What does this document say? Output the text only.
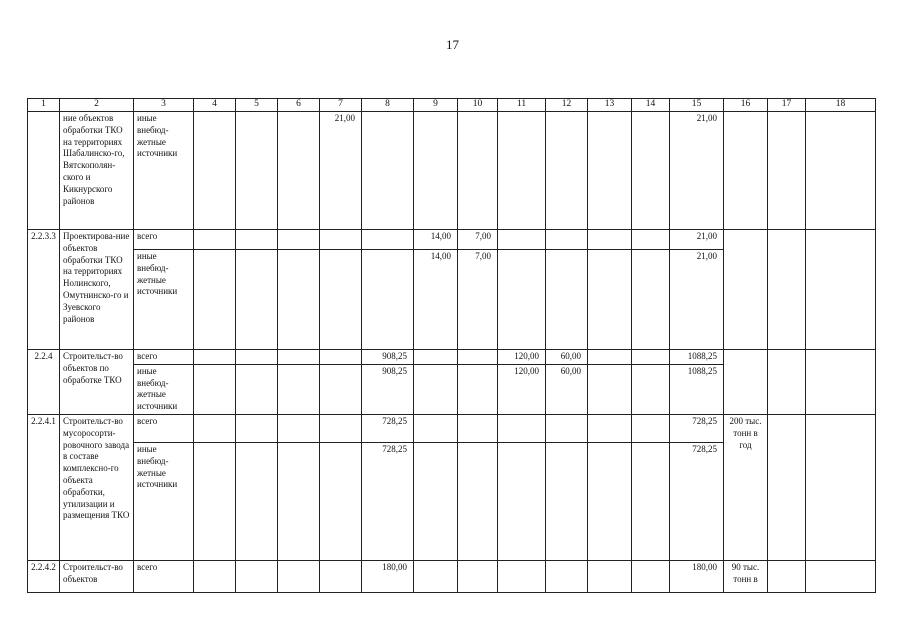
17
1	2	3	4	5	6	7	8	9	10	11	12	13	14	15	16	17	18
	ние объектов обработки ТКО на территориях Шабалинско-го, Вятскополян-ского и Кикнурского районов	иные внебюд-жетные источники				21,00								21,00			
2.2.3.3	Проектирова-ние объектов обработки ТКО на территориях Нолинского, Омутнинско-го и Зуевского районов	всего						14,00	7,00					21,00			
		иные внебюд-жетные источники						14,00	7,00					21,00			
2.2.4	Строительст-во объектов по обработке ТКО	всего					908,25			120,00	60,00			1088,25			
		иные внебюд-жетные источники					908,25			120,00	60,00			1088,25			
2.2.4.1	Строительст-во мусоросорти-ровочного завода в составе комплексно-го объекта обработки, утилизации и размещения ТКО	всего					728,25							728,25	200 тыс. тонн в год		
		иные внебюд-жетные источники					728,25							728,25			
2.2.4.2	Строительст-во объектов	всего					180,00							180,00	90 тыс. тонн в		
